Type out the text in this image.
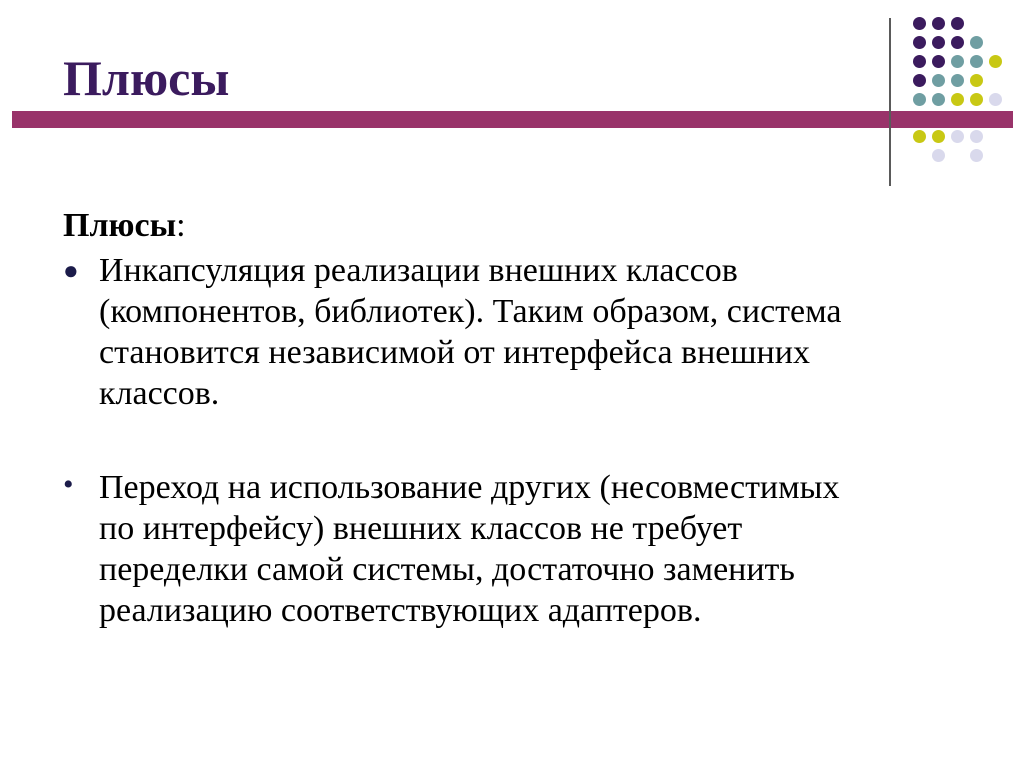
Плюсы

Плюсы:

● Инкапсуляция реализации внешних классов (компонентов, библиотек). Таким образом, система становится независимой от интерфейса внешних классов.
• Переход на использование других (несовместимых по интерфейсу) внешних классов не требует переделки самой системы, достаточно заменить реализацию соответствующих адаптеров.
